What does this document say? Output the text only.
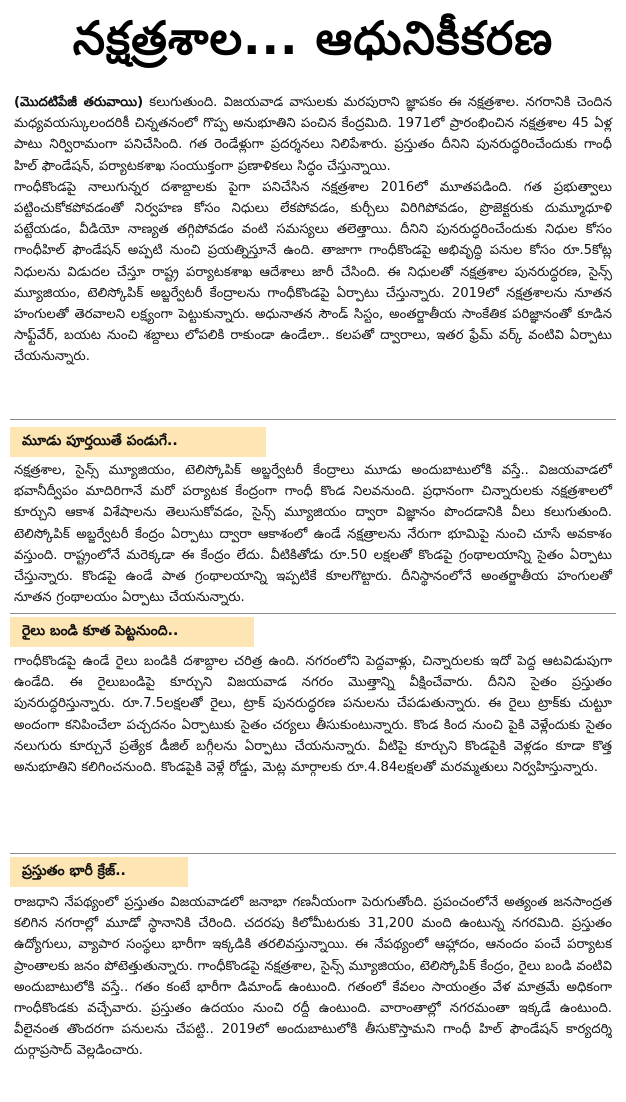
నక్షత్రశాల... ఆధునికీకరణ

(మొదటిపేజీ తరువాయి) కలుగుతుంది. విజయవాడ వాసులకు మరపురాని జ్ఞాపకం ఈ నక్షత్రశాల. నగరానికి చెందిన మధ్యవయస్కులందరికీ చిన్నతనంలో గొప్ప అనుభూతిని పంచిన కేంద్రమిది. 1971లో ప్రారంభించిన నక్షత్రశాల 45 ఏళ్ల పాటు నిర్విరామంగా పనిచేసింది. గత రెండేళ్లుగా ప్రదర్శనలు నిలిపేశారు. ప్రస్తుతం దీనిని పునరుద్ధరించేందుకు గాంధీ హిల్ ఫౌండేషన్, పర్యాటకశాఖ సంయుక్తంగా ప్రణాళికలు సిద్ధం చేస్తున్నాయి.

గాంధీకొండపై నాలుగున్నర దశాబ్దాలకు పైగా పనిచేసిన నక్షత్రశాల 2016లో మూతపడింది. గత ప్రభుత్వాలు పట్టించుకోకపోవడంతో నిర్వహణ కోసం నిధులు లేకపోవడం, కుర్చీలు విరిగిపోవడం, ప్రొజెక్టరుకు దుమ్మూధూళి పట్టేయడం, వీడియో నాణ్యత తగ్గిపోవడం వంటి సమస్యలు తలెత్తాయి. దీనిని పునరుద్ధరించేందుకు నిధుల కోసం గాంధీహిల్ ఫౌండేషన్ అప్పటి నుంచి ప్రయత్నిస్తూనే ఉంది. తాజాగా గాంధీకొండపై అభివృద్ధి పనుల కోసం రూ.5కోట్ల నిధులను విడుదల చేస్తూ రాష్ట్ర పర్యాటకశాఖ ఆదేశాలు జారీ చేసింది. ఈ నిధులతో నక్షత్రశాల పునరుద్ధరణ, సైన్స్ మ్యూజియం, టెలిస్కోపిక్ అబ్జర్వేటరీ కేంద్రాలను గాంధీకొండపై ఏర్పాటు చేస్తున్నారు. 2019లో నక్షత్రశాలను నూతన హంగులతో తెరవాలని లక్ష్యంగా పెట్టుకున్నారు. అధునాతన సౌండ్ సిస్టం, అంతర్జాతీయ సాంకేతిక పరిజ్ఞానంతో కూడిన సాఫ్ట్‌వేర్, బయట నుంచి శబ్దాలు లోపలికి రాకుండా ఉండేలా.. కలపతో ద్వారాలు, ఇతర ఫ్రేమ్ వర్క్ వంటివి ఏర్పాటు చేయనున్నారు.

మూడు పూర్తయితే పండుగే..

నక్షత్రశాల, సైన్స్ మ్యూజియం, టెలిస్కోపిక్ అబ్జర్వేటరీ కేంద్రాలు మూడు అందుబాటులోకి వస్తే.. విజయవాడలో భవానీద్వీపం మాదిరిగానే మరో పర్యాటక కేంద్రంగా గాంధీ కొండ నిలవనుంది. ప్రధానంగా చిన్నారులకు నక్షత్రశాలలో కూర్చుని ఆకాశ విశేషాలను తెలుసుకోవడం, సైన్స్ మ్యూజియం ద్వారా విజ్ఞానం పొందడానికి వీలు కలుగుతుంది. టెలిస్కోపిక్ అబ్జర్వేటరీ కేంద్రం ఏర్పాటు ద్వారా ఆకాశంలో ఉండే నక్షత్రాలను నేరుగా భూమిపై నుంచి చూసే అవకాశం వస్తుంది. రాష్ట్రంలోనే మరెక్కడా ఈ కేంద్రం లేదు. వీటికితోడు రూ.50 లక్షలతో కొండపై గ్రంథాలయాన్ని సైతం ఏర్పాటు చేస్తున్నారు. కొండపై ఉండే పాత గ్రంథాలయాన్ని ఇప్పటికే కూలగొట్టారు. దీనిస్థానంలోనే అంతర్జాతీయ హంగులతో నూతన గ్రంథాలయం ఏర్పాటు చేయనున్నారు.

రైలు బండి కూత పెట్టనుంది..

గాంధీకొండపై ఉండే రైలు బండికి దశాబ్దాల చరిత్ర ఉంది. నగరంలోని పెద్దవాళ్లు, చిన్నారులకు ఇదో పెద్ద ఆటవిడుపుగా ఉండేది. ఈ రైలుబండిపై కూర్చుని విజయవాడ నగరం మొత్తాన్ని వీక్షించేవారు. దీనిని సైతం ప్రస్తుతం పునరుద్ధరిస్తున్నారు. రూ.7.5లక్షలతో రైలు, ట్రాక్ పునరుద్ధరణ పనులను చేపడుతున్నారు. ఈ రైలు ట్రాక్‌కు చుట్టూ అందంగా కనిపించేలా పచ్చదనం ఏర్పాటుకు సైతం చర్యలు తీసుకుంటున్నారు. కొండ కింద నుంచి పైకి వెళ్లేందుకు సైతం నలుగురు కూర్చునే ప్రత్యేక డీజిల్ బగ్గీలను ఏర్పాటు చేయనున్నారు. వీటిపై కూర్చుని కొండపైకి వెళ్లడం కూడా కొత్త అనుభూతిని కలిగించనుంది. కొండపైకి వెళ్లే రోడ్డు, మెట్ల మార్గాలకు రూ.4.84లక్షలతో మరమ్మతులు నిర్వహిస్తున్నారు.

ప్రస్తుతం భారీ క్రేజ్..

రాజధాని నేపథ్యంలో ప్రస్తుతం విజయవాడలో జనాభా గణనీయంగా పెరుగుతోంది. ప్రపంచంలోనే అత్యంత జనసాంద్రత కలిగిన నగరాల్లో మూడో స్థానానికి చేరింది. చదరపు కిలోమీటరుకు 31,200 మంది ఉంటున్న నగరమిది. ప్రస్తుతం ఉద్యోగులు, వ్యాపార సంస్థలు భారీగా ఇక్కడికి తరలివస్తున్నాయి. ఈ నేపథ్యంలో ఆహ్లాదం, ఆనందం పంచే పర్యాటక ప్రాంతాలకు జనం పోటెత్తుతున్నారు. గాంధీకొండపై నక్షత్రశాల, సైన్స్ మ్యూజియం, టెలిస్కోపిక్ కేంద్రం, రైలు బండి వంటివి అందుబాటులోకి వస్తే.. గతం కంటే భారీగా డిమాండ్ ఉంటుంది. గతంలో కేవలం సాయంత్రం వేళ మాత్రమే అధికంగా గాంధీకొండకు వచ్చేవారు. ప్రస్తుతం ఉదయం నుంచి రద్దీ ఉంటుంది. వారాంతాల్లో నగరమంతా ఇక్కడే ఉంటుంది. వీలైనంత తొందరగా పనులను చేపట్టి.. 2019లో అందుబాటులోకి తీసుకొస్తామని గాంధీ హిల్ ఫౌండేషన్ కార్యదర్శి దుర్గాప్రసాద్ వెల్లడించారు.
